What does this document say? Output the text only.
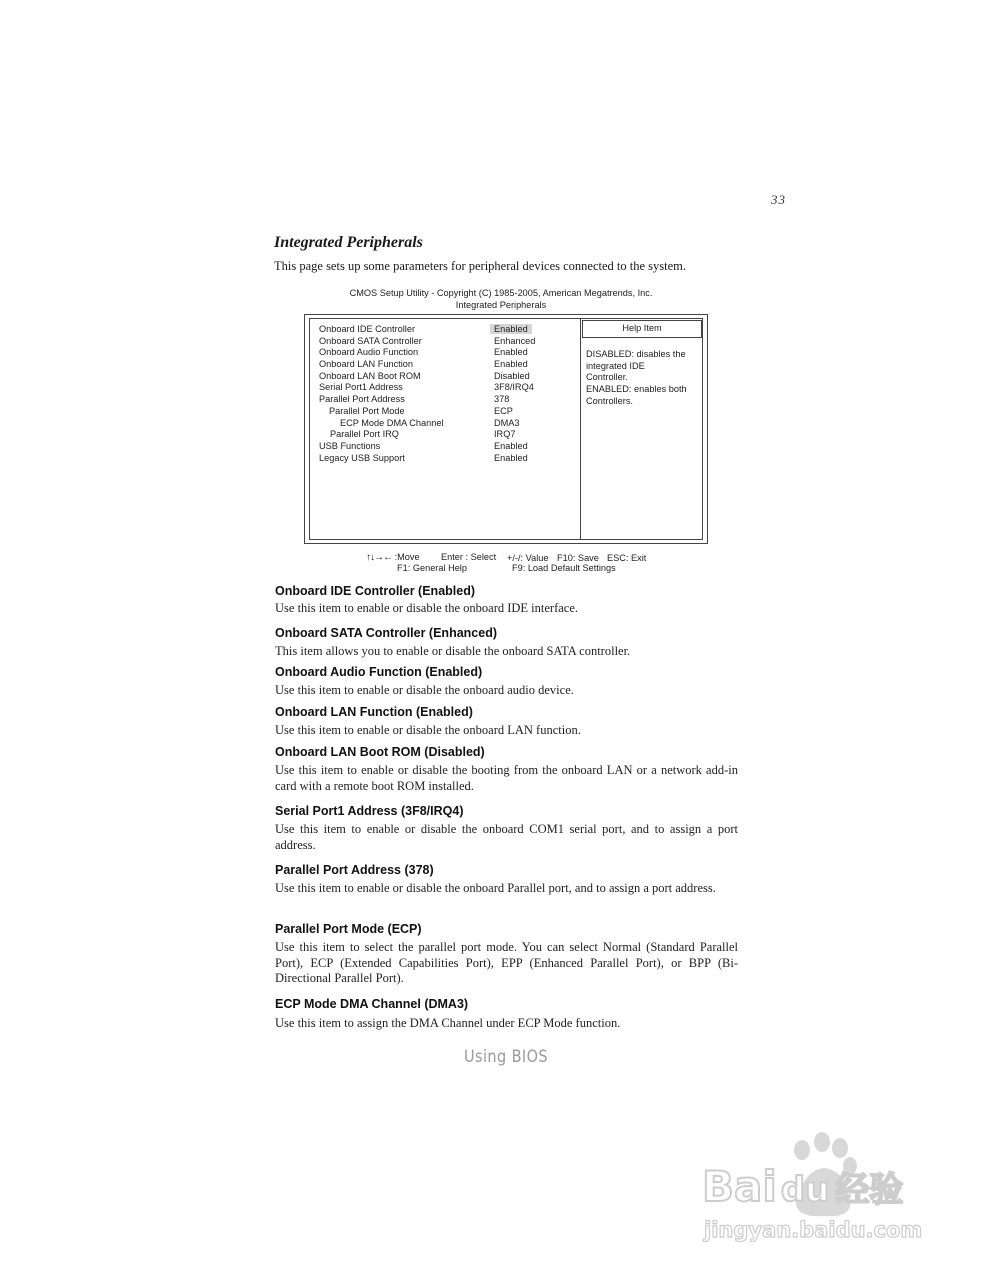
33
Integrated Peripherals
This page sets up some parameters for peripheral devices connected to the system.
CMOS Setup Utility - Copyright (C) 1985-2005, American Megatrends, Inc.
Integrated Peripherals
Onboard IDE Controller	Enabled
Onboard SATA Controller	Enhanced
Onboard Audio Function	Enabled
Onboard LAN Function	Enabled
Onboard LAN Boot ROM	Disabled
Serial Port1 Address	3F8/IRQ4
Parallel Port Address	378
Parallel Port Mode	ECP
ECP Mode DMA Channel	DMA3
Parallel Port IRQ	IRQ7
USB Functions	Enabled
Legacy USB Support	Enabled
Help Item
DISABLED: disables the
integrated IDE
Controller.
ENABLED: enables both
Controllers.
↑↓→← :Move Enter : Select +/-/: Value F10: Save ESC: Exit
F1: General Help	F9: Load Default Settings
Onboard IDE Controller (Enabled)
Use this item to enable or disable the onboard IDE interface.
Onboard SATA Controller (Enhanced)
This item allows you to enable or disable the onboard SATA controller.
Onboard Audio Function (Enabled)
Use this item to enable or disable the onboard audio device.
Onboard LAN Function (Enabled)
Use this item to enable or disable the onboard LAN function.
Onboard LAN Boot ROM (Disabled)
Use this item to enable or disable the booting from the onboard LAN or a network add-in card with a remote boot ROM installed.
Serial Port1 Address (3F8/IRQ4)
Use this item to enable or disable the onboard COM1 serial port, and to assign a port address.
Parallel Port Address (378)
Use this item to enable or disable the onboard Parallel port, and to assign a port address.
Parallel Port Mode (ECP)
Use this item to select the parallel port mode. You can select Normal (Standard Parallel Port), ECP (Extended Capabilities Port), EPP (Enhanced Parallel Port), or BPP (Bi-Directional Parallel Port).
ECP Mode DMA Channel (DMA3)
Use this item to assign the DMA Channel under ECP Mode function.
Using BIOS
Bai du 经验
jingyan.baidu.com
